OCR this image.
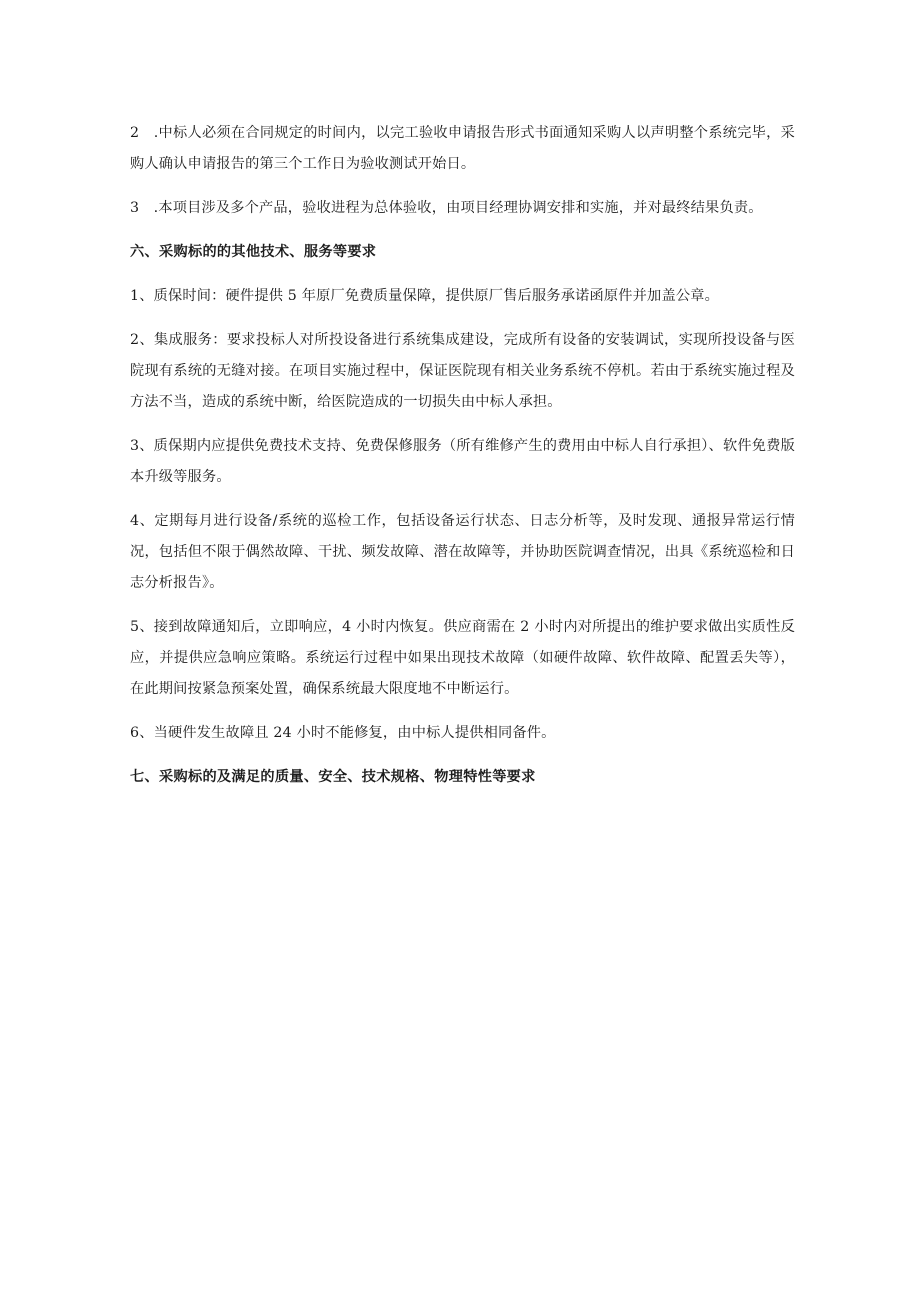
2　.中标人必须在合同规定的时间内，以完工验收申请报告形式书面通知采购人以声明整个系统完毕，采购人确认申请报告的第三个工作日为验收测试开始日。

3　.本项目涉及多个产品，验收进程为总体验收，由项目经理协调安排和实施，并对最终结果负责。

六、采购标的的其他技术、服务等要求

1、质保时间：硬件提供 5 年原厂免费质量保障，提供原厂售后服务承诺函原件并加盖公章。

2、集成服务：要求投标人对所投设备进行系统集成建设，完成所有设备的安装调试，实现所投设备与医院现有系统的无缝对接。在项目实施过程中，保证医院现有相关业务系统不停机。若由于系统实施过程及方法不当，造成的系统中断，给医院造成的一切损失由中标人承担。

3、质保期内应提供免费技术支持、免费保修服务（所有维修产生的费用由中标人自行承担）、软件免费版本升级等服务。

4、定期每月进行设备/系统的巡检工作，包括设备运行状态、日志分析等，及时发现、通报异常运行情况，包括但不限于偶然故障、干扰、频发故障、潜在故障等，并协助医院调查情况，出具《系统巡检和日志分析报告》。

5、接到故障通知后，立即响应，4 小时内恢复。供应商需在 2 小时内对所提出的维护要求做出实质性反应，并提供应急响应策略。系统运行过程中如果出现技术故障（如硬件故障、软件故障、配置丢失等），在此期间按紧急预案处置，确保系统最大限度地不中断运行。

6、当硬件发生故障且 24 小时不能修复，由中标人提供相同备件。

七、采购标的及满足的质量、安全、技术规格、物理特性等要求
